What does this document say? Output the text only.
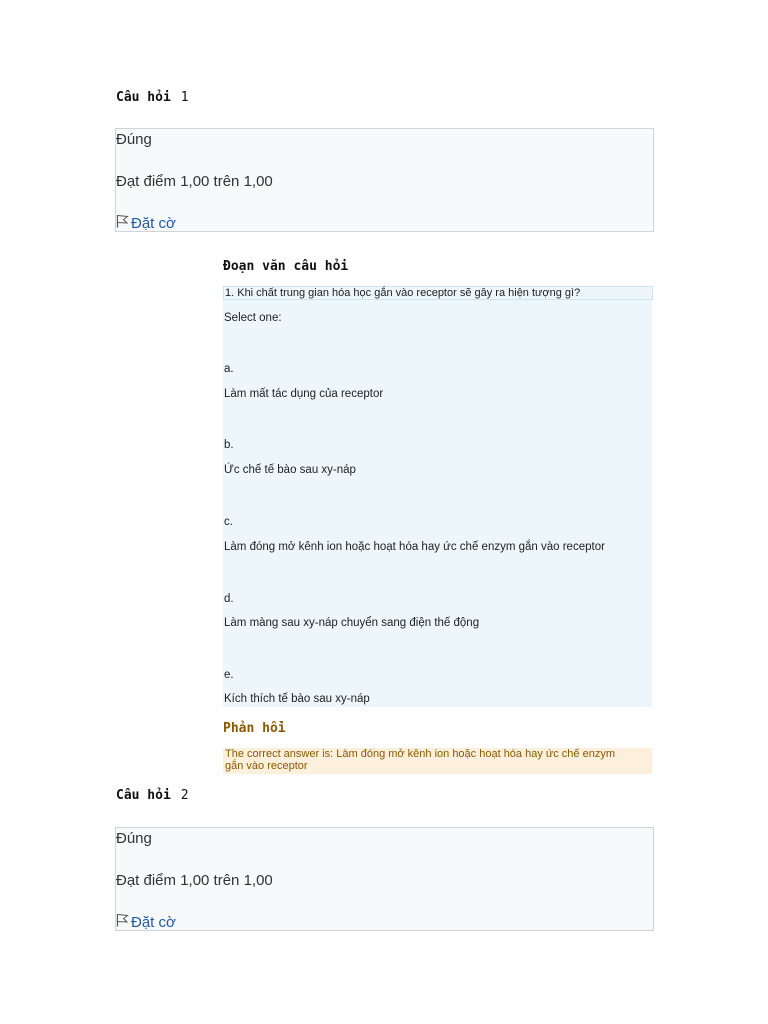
Câu hỏi 1
Đúng
Đạt điểm 1,00 trên 1,00
Đặt cờ
Đoạn văn câu hỏi
1. Khi chất trung gian hóa học gắn vào receptor sẽ gây ra hiện tượng gì?
Select one:
a.
Làm mất tác dụng của receptor
b.
Ức chế tế bào sau xy-náp
c.
Làm đóng mở kênh ion hoặc hoạt hóa hay ức chế enzym gắn vào receptor
d.
Làm màng sau xy-náp chuyển sang điện thế động
e.
Kích thích tế bào sau xy-náp
Phản hồi
The correct answer is: Làm đóng mở kênh ion hoặc hoạt hóa hay ức chế enzym
gắn vào receptor
Câu hỏi 2
Đúng
Đạt điểm 1,00 trên 1,00
Đặt cờ
